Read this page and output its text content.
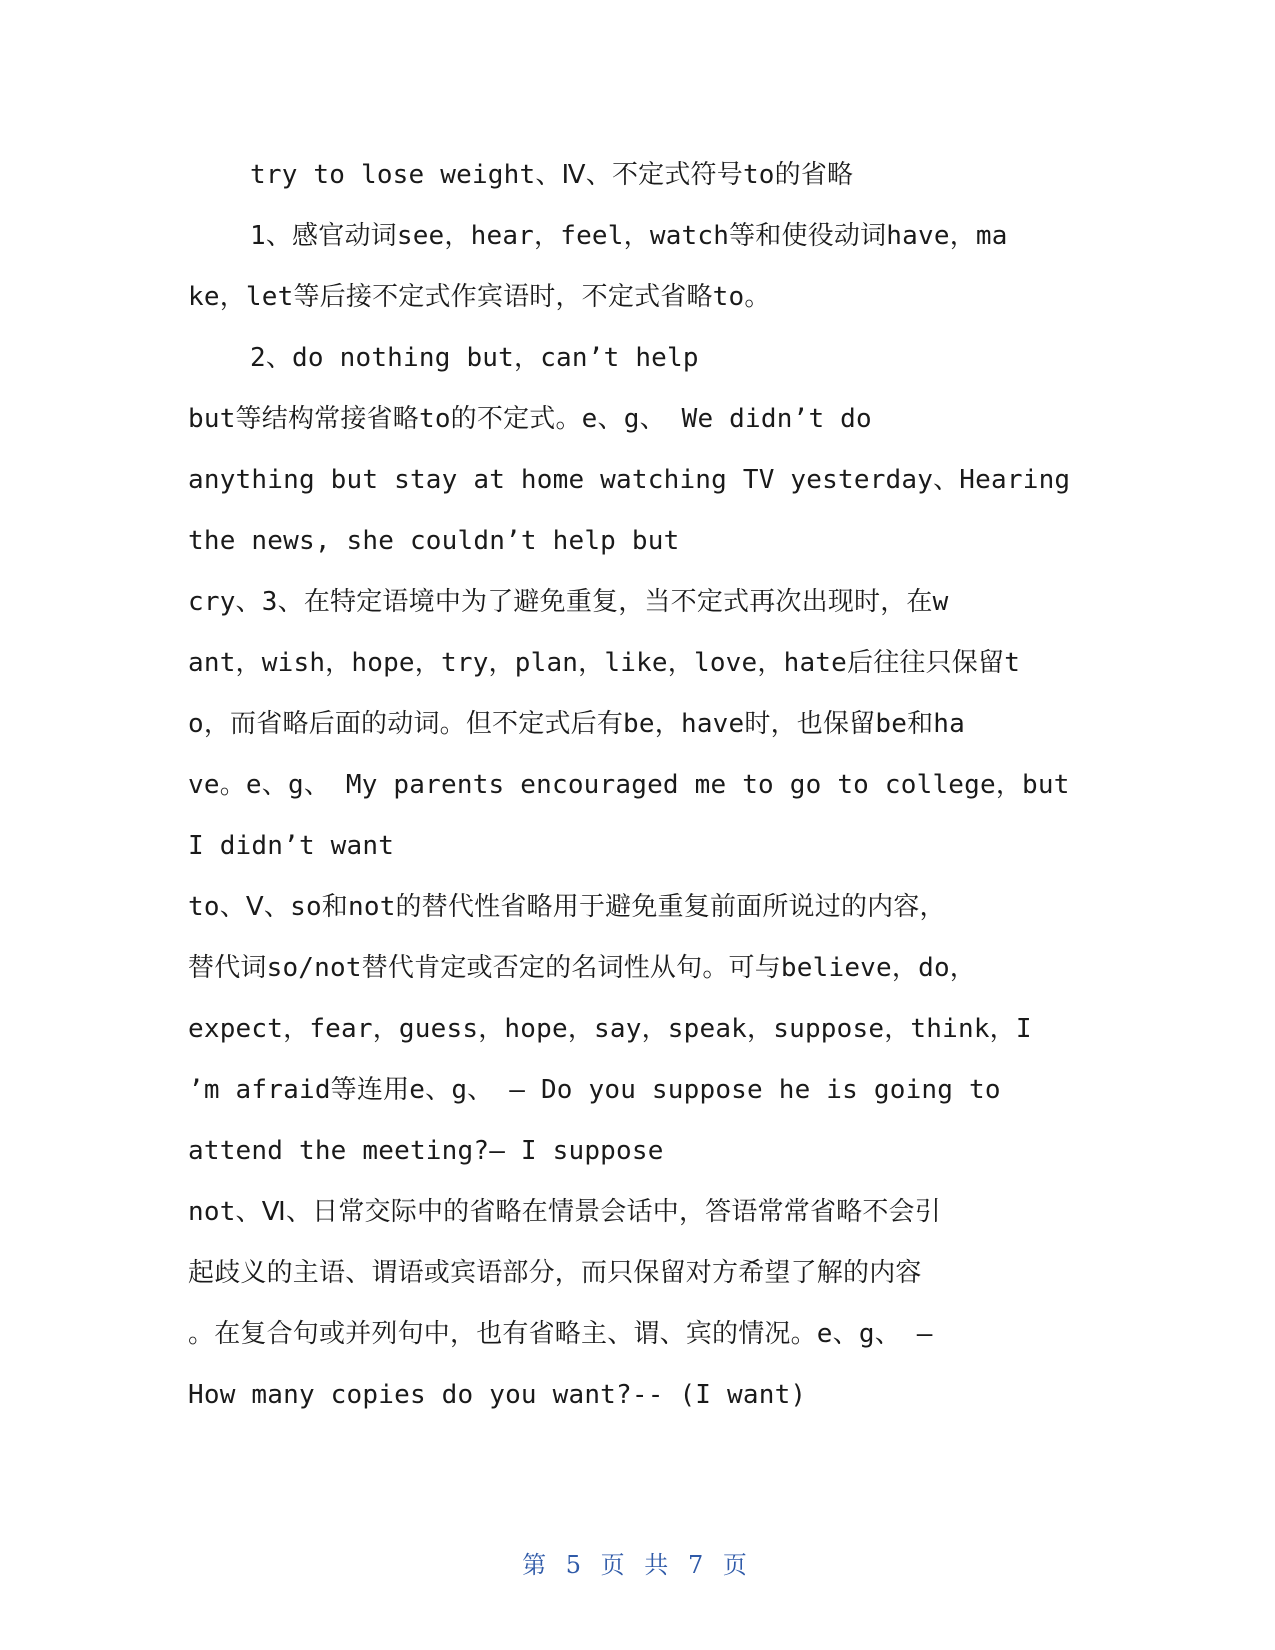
try to lose weight、Ⅳ、不定式符号to的省略
1、感官动词see，hear，feel，watch等和使役动词have，ma
ke，let等后接不定式作宾语时，不定式省略to。
2、do nothing but，can’t help
but等结构常接省略to的不定式。e、g、 We didn’t do
anything but stay at home watching TV yesterday、Hearing
the news, she couldn’t help but
cry、3、在特定语境中为了避免重复，当不定式再次出现时，在w
ant，wish，hope，try，plan，like，love，hate后往往只保留t
o，而省略后面的动词。但不定式后有be，have时，也保留be和ha
ve。e、g、 My parents encouraged me to go to college，but
I didn’t want
to、Ⅴ、so和not的替代性省略用于避免重复前面所说过的内容，
替代词so/not替代肯定或否定的名词性从句。可与believe，do，
expect，fear，guess，hope，say，speak，suppose，think，I
’m afraid等连用e、g、 – Do you suppose he is going to
attend the meeting?– I suppose
not、Ⅵ、日常交际中的省略在情景会话中，答语常常省略不会引
起歧义的主语、谓语或宾语部分，而只保留对方希望了解的内容
。在复合句或并列句中，也有省略主、谓、宾的情况。e、g、 –
How many copies do you want?-- (I want)
第 5 页 共 7 页
